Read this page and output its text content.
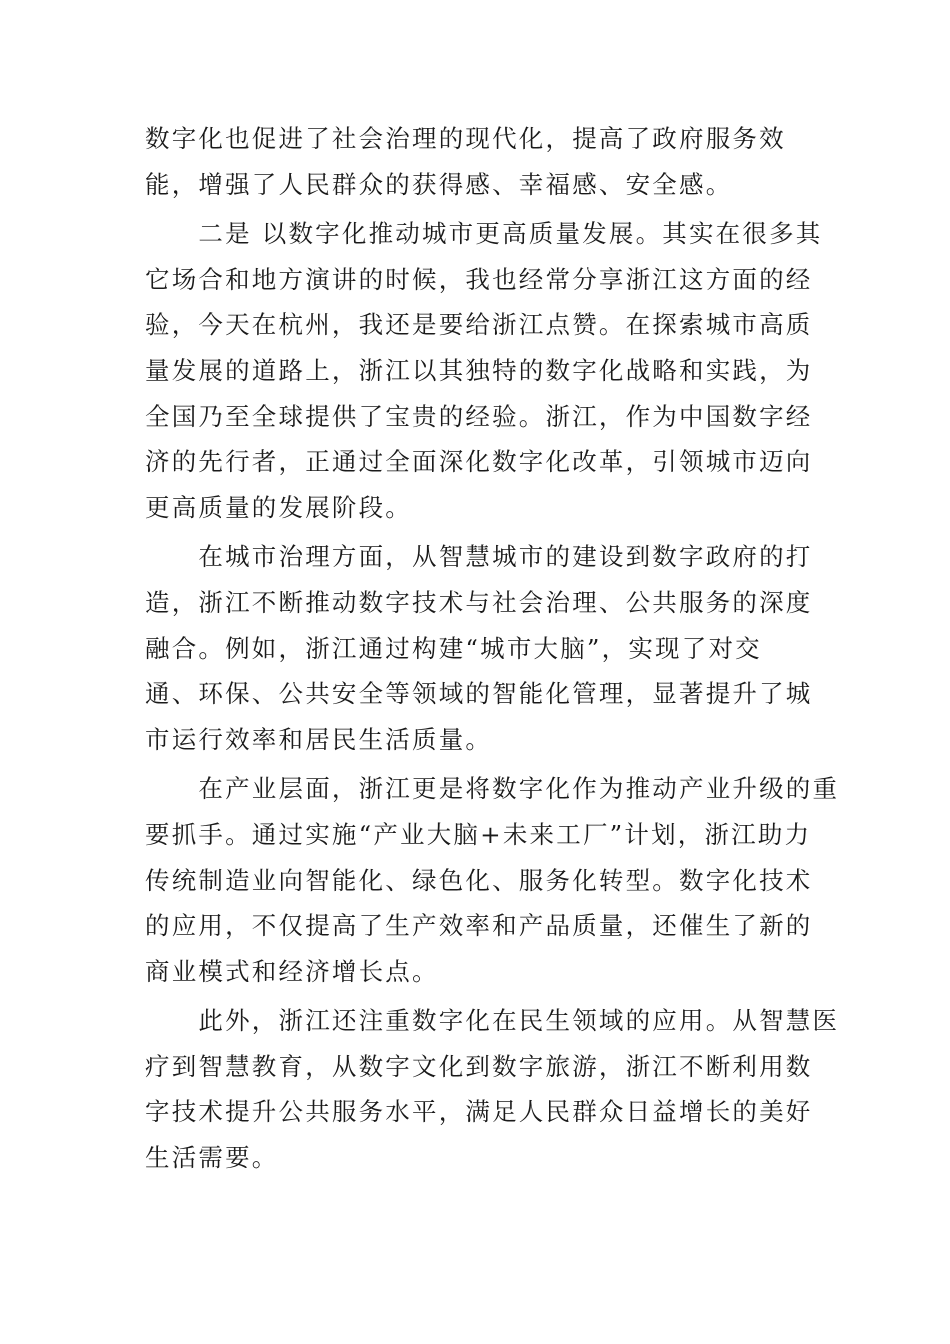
数字化也促进了社会治理的现代化，提高了政府服务效
能，增强了人民群众的获得感、幸福感、安全感。
　　二是 以数字化推动城市更高质量发展。其实在很多其
它场合和地方演讲的时候，我也经常分享浙江这方面的经
验，今天在杭州，我还是要给浙江点赞。在探索城市高质
量发展的道路上，浙江以其独特的数字化战略和实践，为
全国乃至全球提供了宝贵的经验。浙江，作为中国数字经
济的先行者，正通过全面深化数字化改革，引领城市迈向
更高质量的发展阶段。
　　在城市治理方面，从智慧城市的建设到数字政府的打
造，浙江不断推动数字技术与社会治理、公共服务的深度
融合。例如，浙江通过构建“城市大脑”，实现了对交
通、环保、公共安全等领域的智能化管理，显著提升了城
市运行效率和居民生活质量。
　　在产业层面，浙江更是将数字化作为推动产业升级的重
要抓手。通过实施“产业大脑+未来工厂”计划，浙江助力
传统制造业向智能化、绿色化、服务化转型。数字化技术
的应用，不仅提高了生产效率和产品质量，还催生了新的
商业模式和经济增长点。
　　此外，浙江还注重数字化在民生领域的应用。从智慧医
疗到智慧教育，从数字文化到数字旅游，浙江不断利用数
字技术提升公共服务水平，满足人民群众日益增长的美好
生活需要。
